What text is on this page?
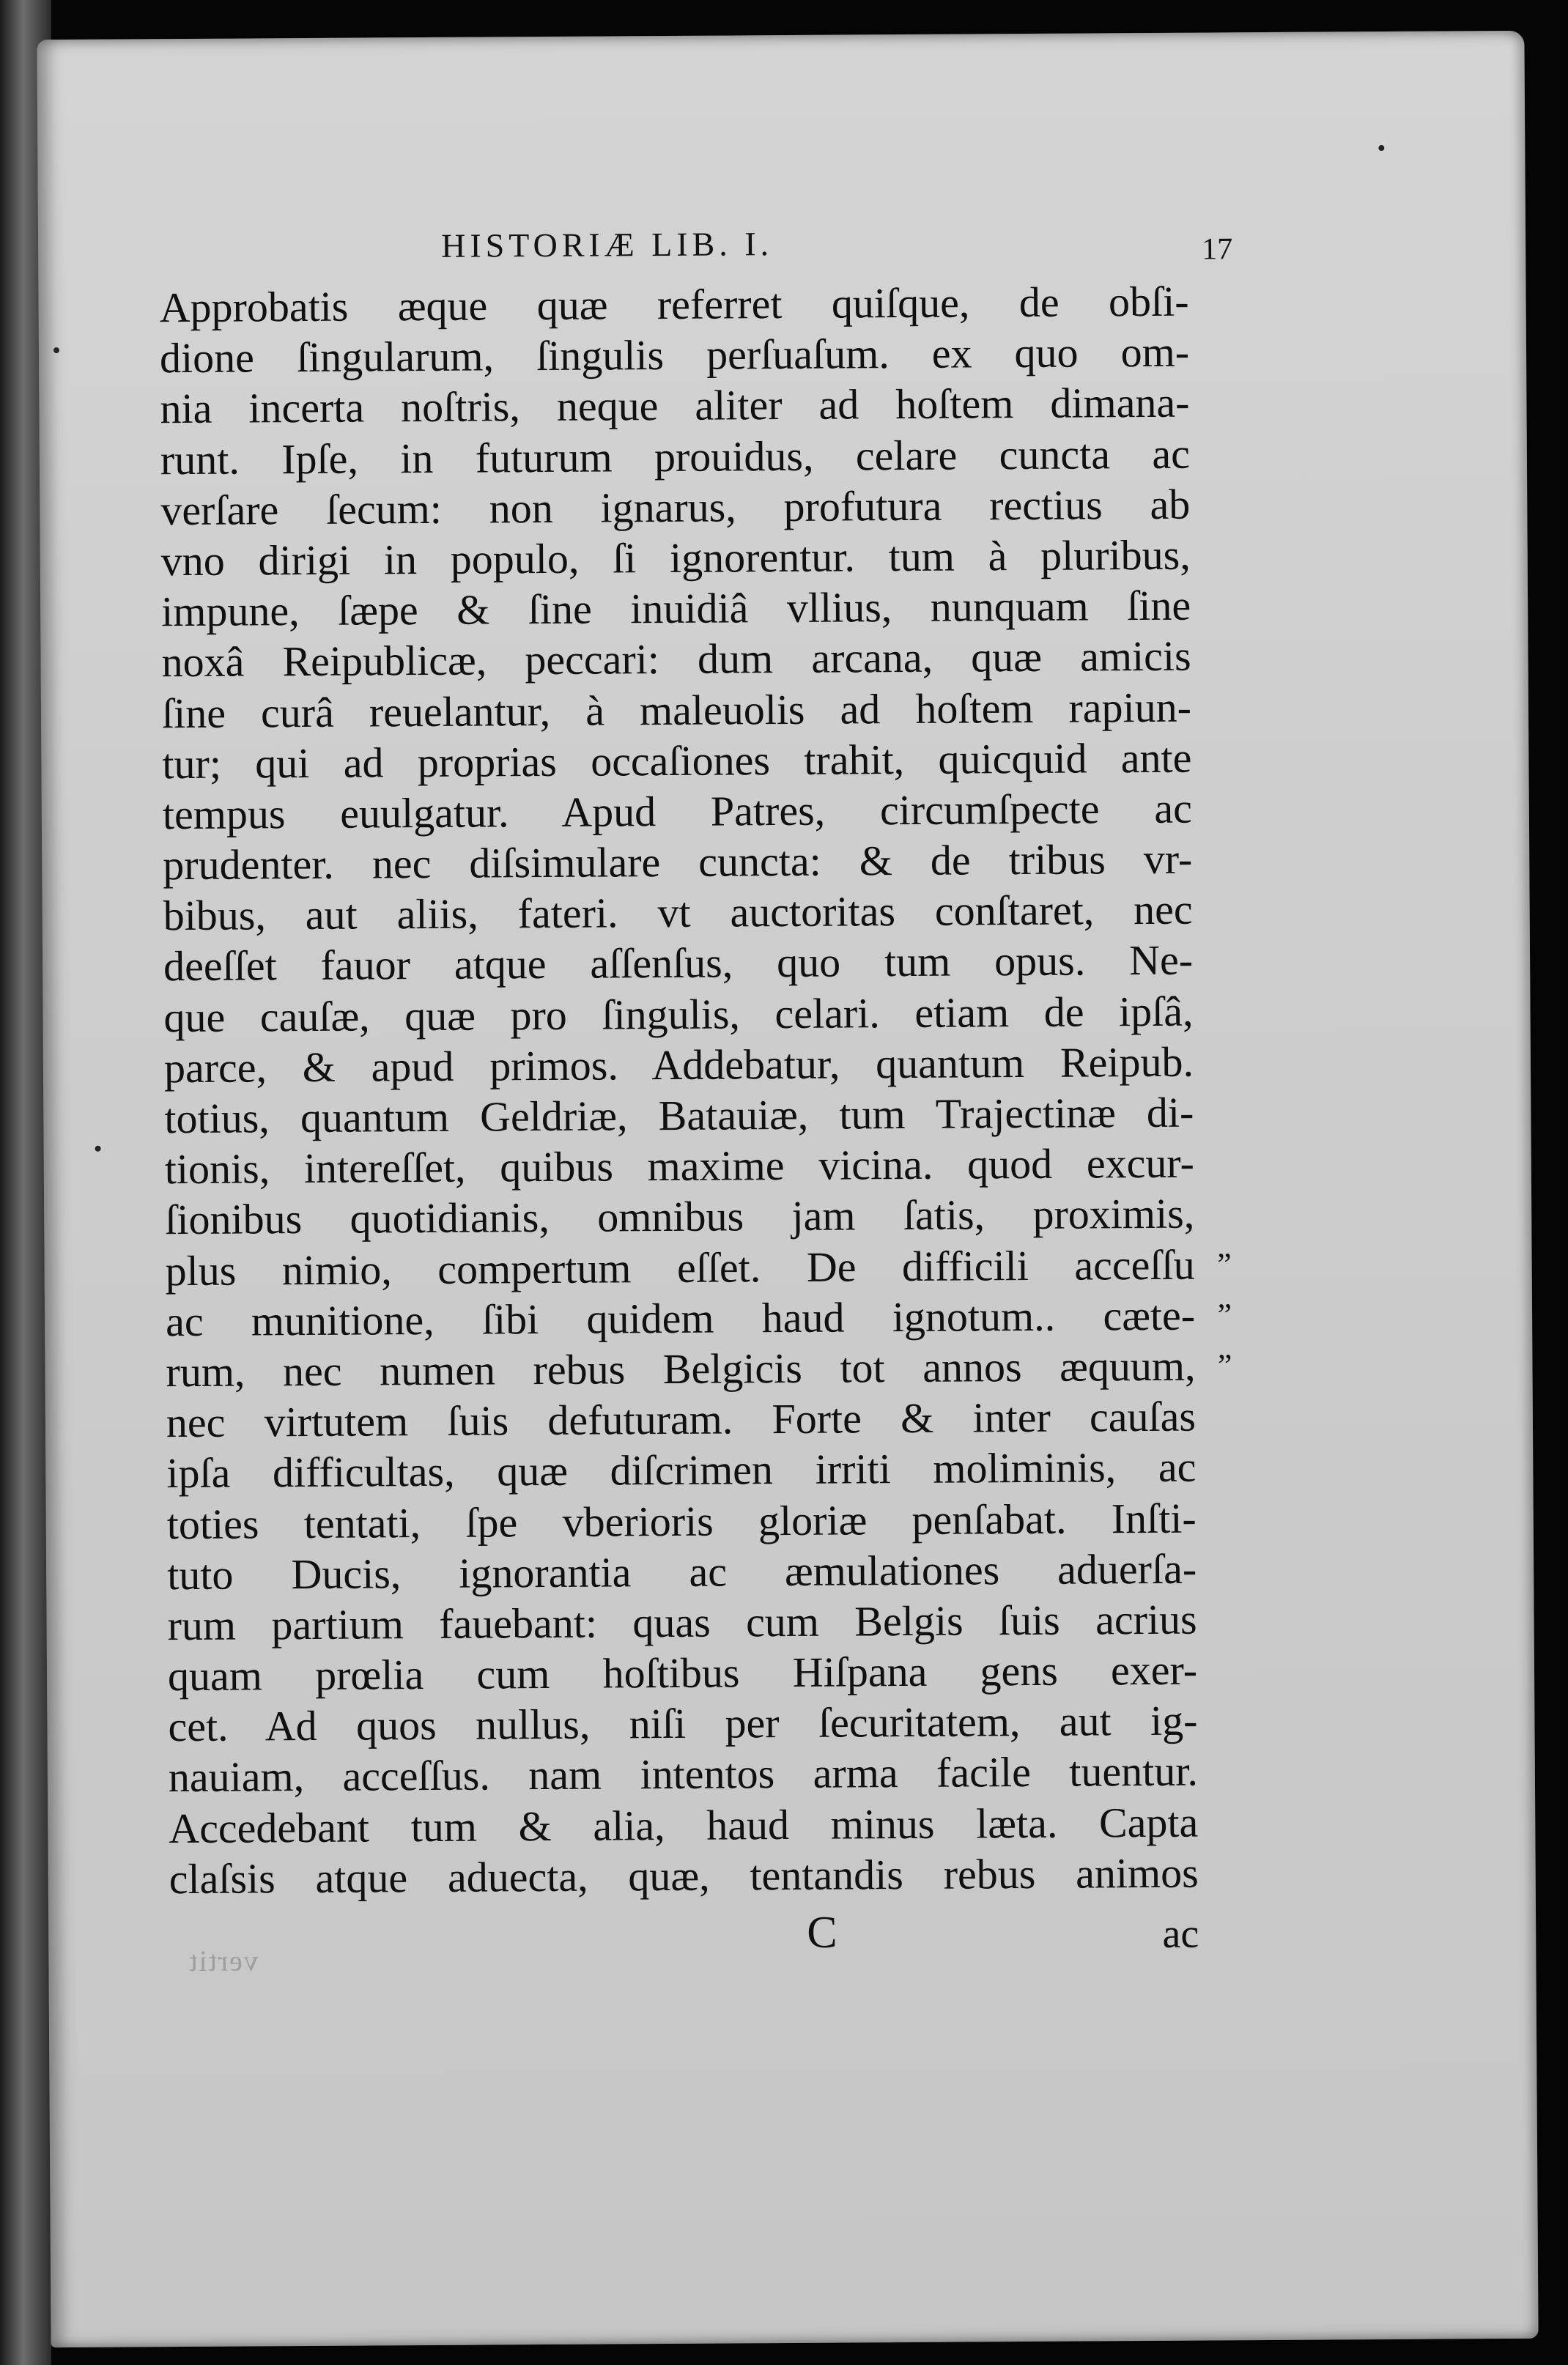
HISTORIÆ LIB. I.	17
Approbatis æque quæ referret quiſque, de obſi-
dione ſingularum, ſingulis perſuaſum. ex quo om-
nia incerta noſtris, neque aliter ad hoſtem dimana-
runt. Ipſe, in futurum prouidus, celare cuncta ac
verſare ſecum: non ignarus, profutura rectius ab
vno dirigi in populo, ſi ignorentur. tum à pluribus,
impune, ſæpe & ſine inuidiâ vllius, nunquam ſine
noxâ Reipublicæ, peccari: dum arcana, quæ amicis
ſine curâ reuelantur, à maleuolis ad hoſtem rapiun-
tur; qui ad proprias occaſiones trahit, quicquid ante
tempus euulgatur. Apud Patres, circumſpecte ac
prudenter. nec diſsimulare cuncta: & de tribus vr-
bibus, aut aliis, fateri. vt auctoritas conſtaret, nec
deeſſet fauor atque aſſenſus, quo tum opus. Ne-
que cauſæ, quæ pro ſingulis, celari. etiam de ipſâ,
parce, & apud primos. Addebatur, quantum Reipub.
totius, quantum Geldriæ, Batauiæ, tum Trajectinæ di-
tionis, intereſſet, quibus maxime vicina. quod excur-
ſionibus quotidianis, omnibus jam ſatis, proximis,
plus nimio, compertum eſſet. De difficili acceſſu ”
ac munitione, ſibi quidem haud ignotum.. cæte- ”
rum, nec numen rebus Belgicis tot annos æquum, ”
nec virtutem ſuis defuturam. Forte & inter cauſas
ipſa difficultas, quæ diſcrimen irriti moliminis, ac
toties tentati, ſpe vberioris gloriæ penſabat. Inſti-
tuto Ducis, ignorantia ac æmulationes aduerſa-
rum partium fauebant: quas cum Belgis ſuis acrius
quam prœlia cum hoſtibus Hiſpana gens exer-
cet. Ad quos nullus, niſi per ſecuritatem, aut ig-
nauiam, acceſſus. nam intentos arma facile tuentur.
Accedebant tum & alia, haud minus læta. Capta
claſsis atque aduecta, quæ, tentandis rebus animos
C	ac
vertit
